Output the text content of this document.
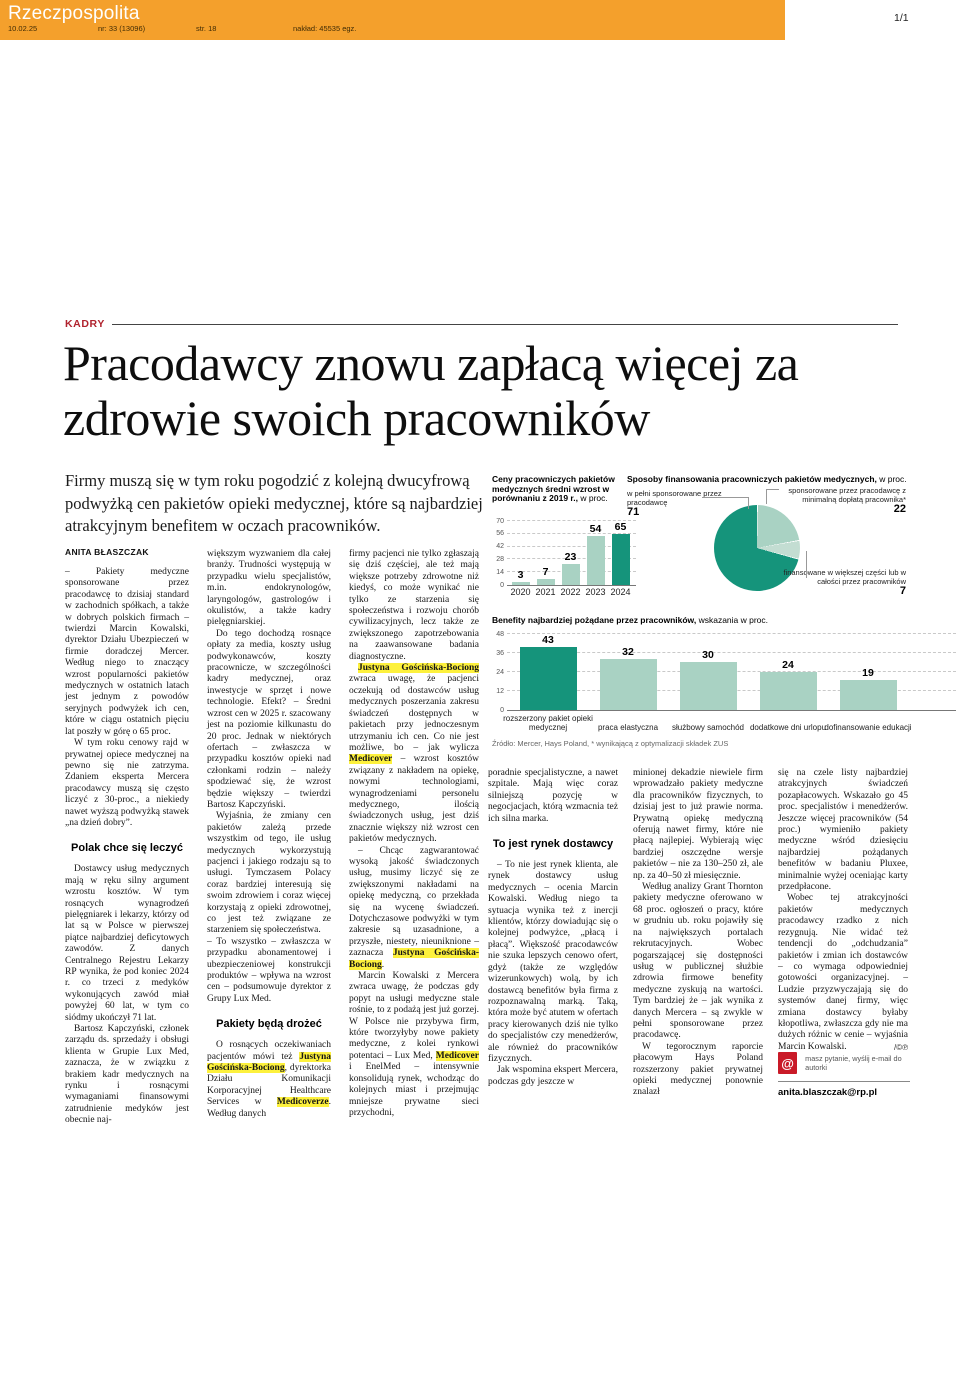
Rzeczpospolita
10.02.25	nr: 33 (13096)	str. 18	nakład: 45535 egz.
1/1
KADRY
Pracodawcy znowu zapłacą więcej za zdrowie swoich pracowników

Firmy muszą się w tym roku pogodzić z kolejną dwucyfrową podwyżką cen pakietów opieki medycznej, które są najbardziej atrakcyjnym benefitem w oczach pracowników.

ANITA BŁASZCZAK

– Pakiety medyczne sponsorowane przez pracodawcę to dzisiaj standard w zachodnich spółkach, a także w dobrych polskich firmach – twierdzi Marcin Kowalski, dyrektor Działu Ubezpieczeń w firmie doradczej Mercer. Według niego to znaczący wzrost popularności pakietów medycznych w ostatnich latach jest jednym z powodów seryjnych podwyżek ich cen, które w ciągu ostatnich pięciu lat poszły w górę o 65 proc.

W tym roku cenowy rajd w prywatnej opiece medycznej na pewno się nie zatrzyma. Zdaniem eksperta Mercera pracodawcy muszą się często liczyć z 30-proc., a niekiedy nawet wyższą podwyżką stawek „na dzień dobry”.

Polak chce się leczyć

Dostawcy usług medycznych mają w ręku silny argument wzrostu kosztów. W tym rosnących wynagrodzeń pielęgniarek i lekarzy, którzy od lat są w Polsce w pierwszej piątce najbardziej deficytowych zawodów. Z danych Centralnego Rejestru Lekarzy RP wynika, że pod koniec 2024 r. co trzeci z medyków wykonujących zawód miał powyżej 60 lat, w tym co siódmy ukończył 71 lat.

Bartosz Kapczyński, członek zarządu ds. sprzedaży i obsługi klienta w Grupie Lux Med, zaznacza, że w związku z brakiem kadr medycznych na rynku i rosnącymi wymaganiami finansowymi zatrudnienie medyków jest obecnie naj-

większym wyzwaniem dla całej branży. Trudności występują w przypadku wielu specjalistów, m.in. endokrynologów, laryngologów, gastrologów i okulistów, a także kadry pielęgniarskiej.

Do tego dochodzą rosnące opłaty za media, koszty usług podwykonawców, koszty pracownicze, w szczególności kadry medycznej, oraz inwestycje w sprzęt i nowe technologie. Efekt? – Średni wzrost cen w 2025 r. szacowany jest na poziomie kilkunastu do 20 proc. Jednak w niektórych ofertach – zwłaszcza w przypadku kosztów opieki nad członkami rodzin – należy spodziewać się, że wzrost będzie większy – twierdzi Bartosz Kapczyński.

Wyjaśnia, że zmiany cen pakietów zależą przede wszystkim od tego, ile usług medycznych wykorzystują pacjenci i jakiego rodzaju są to usługi. Tymczasem Polacy coraz bardziej interesują się swoim zdrowiem i coraz więcej korzystają z opieki zdrowotnej, co jest też związane ze starzeniem się społeczeństwa.

– To wszystko – zwłaszcza w przypadku abonamentowej i ubezpieczeniowej konstrukcji produktów – wpływa na wzrost cen – podsumowuje dyrektor z Grupy Lux Med.

Pakiety będą drożeć

O rosnących oczekiwaniach pacjentów mówi też Justyna Gościńska-Bociong, dyrektorka Działu Komunikacji Korporacyjnej Healthcare Services w Medicoverze. Według danych

firmy pacjenci nie tylko zgłaszają się dziś częściej, ale też mają większe potrzeby zdrowotne niż kiedyś, co może wynikać nie tylko ze starzenia się społeczeństwa i rozwoju chorób cywilizacyjnych, lecz także ze zwiększonego zapotrzebowania na zaawansowane badania diagnostyczne.

Justyna Gościńska-Bociong zwraca uwagę, że pacjenci oczekują od dostawców usług medycznych poszerzania zakresu świadczeń dostępnych w pakietach przy jednoczesnym utrzymaniu ich cen. Co nie jest możliwe, bo – jak wylicza Medicover – wzrost kosztów związany z nakładem na opiekę, nowymi technologiami, wynagrodzeniami personelu medycznego, ilością świadczonych usług, jest dziś znacznie większy niż wzrost cen pakietów medycznych.

– Chcąc zagwarantować wysoką jakość świadczonych usług, musimy liczyć się ze zwiększonymi nakładami na opiekę medyczną, co przekłada się na wycenę świadczeń. Dotychczasowe podwyżki w tym zakresie są uzasadnione, a przyszłe, niestety, nieuniknione – zaznacza Justyna Gościńska-Bociong.

Marcin Kowalski z Mercera zwraca uwagę, że podczas gdy popyt na usługi medyczne stale rośnie, to z podażą jest już gorzej. W Polsce nie przybywa firm, które tworzyłyby nowe pakiety medyczne, z kolei rynkowi potentaci – Lux Med, Medicover i EnelMed – intensywnie konsolidują rynek, wchodząc do kolejnych miast i przejmując mniejsze prywatne sieci przychodni,

poradnie specjalistyczne, a nawet szpitale. Mają więc coraz silniejszą pozycję w negocjacjach, którą wzmacnia też ich silna marka.

To jest rynek dostawcy

– To nie jest rynek klienta, ale rynek dostawcy usług medycznych – ocenia Marcin Kowalski. Według niego ta sytuacja wynika też z inercji klientów, którzy dowiadując się o kolejnej podwyżce, „płacą i płacą”. Większość pracodawców nie szuka lepszych cenowo ofert, gdyż (także ze względów wizerunkowych) wolą, by ich dostawcą benefitów była firma z rozpoznawalną marką. Taką, która może być atutem w ofertach pracy kierowanych dziś nie tylko do specjalistów czy menedżerów, ale również do pracowników fizycznych.

Jak wspomina ekspert Mercera, podczas gdy jeszcze w

minionej dekadzie niewiele firm wprowadzało pakiety medyczne dla pracowników fizycznych, to dzisiaj jest to już prawie norma. Prywatną opiekę medyczną oferują nawet firmy, które nie płacą najlepiej. Wybierają więc bardziej oszczędne wersje pakietów – nie za 130–250 zł, ale np. za 40–50 zł miesięcznie.

Według analizy Grant Thornton pakiety medyczne oferowano w 68 proc. ogłoszeń o pracy, które w grudniu ub. roku pojawiły się na największych portalach rekrutacyjnych. Wobec pogarszającej się dostępności usług w publicznej służbie zdrowia firmowe benefity medyczne zyskują na wartości. Tym bardziej że – jak wynika z danych Mercera – są zwykle w pełni sponsorowane przez pracodawcę.

W tegorocznym raporcie płacowym Hays Poland rozszerzony pakiet prywatnej opieki medycznej ponownie znalazł

się na czele listy najbardziej atrakcyjnych świadczeń pozapłacowych. Wskazało go 45 proc. specjalistów i menedżerów. Jeszcze więcej pracowników (54 proc.) wymieniło pakiety medyczne wśród dziesięciu najbardziej pożądanych benefitów w badaniu Pluxee, minimalnie wyżej oceniając karty przedpłacone.

Wobec tej atrakcyjności pakietów medycznych pracodawcy rzadko z nich rezygnują. Nie widać też tendencji do „odchudzania” pakietów i zmian ich dostawców – co wymaga odpowiedniej gotowości organizacyjnej. – Ludzie przyzwyczajają się do systemów danej firmy, więc zmiana dostawcy byłaby kłopotliwa, zwłaszcza gdy nie ma dużych różnic w cenie – wyjaśnia Marcin Kowalski.	/©℗

Ceny pracowniczych pakietów medycznych średni wzrost w porównaniu z 2019 r., w proc.
0
14
28
42
56
70
3
2020
7
2021
23
2022
54
2023
65
2024
Sposoby finansowania pracowniczych pakietów medycznych, w proc.
w pełni sponsorowane przez pracodawcę
71
sponsorowane przez pracodawcę z minimalną dopłatą pracownika*
22
finansowane w większej części lub w całości przez pracowników
7
Benefity najbardziej pożądane przez pracowników, wskazania w proc.
0
12
24
36
48	43
rozszerzony pakiet opieki medycznej
32
praca elastyczna
30
służbowy samochód
24
dodatkowe dni urlopu
19
dofinansowanie edukacji
Źródło: Mercer, Hays Poland, * wynikającą z optymalizacji składek ZUS
@	masz pytanie, wyślij e-mail do autorki
anita.blaszczak@rp.pl
